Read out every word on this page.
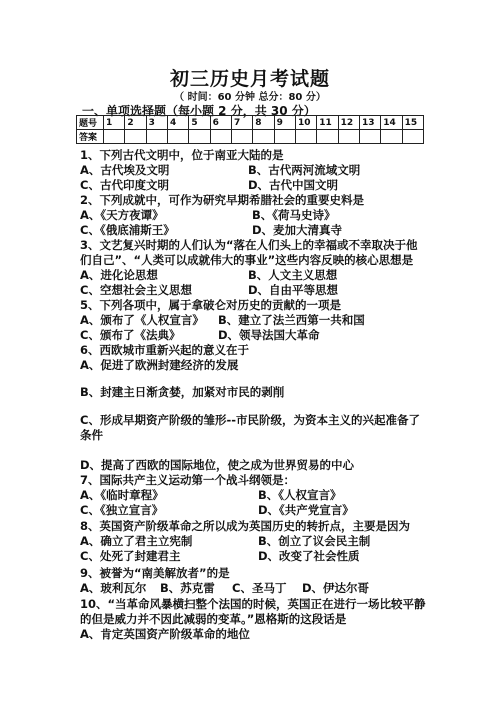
初三历史月考试题
（ 时间：60 分钟 总分：80 分）
一、单项选择题（每小题 2 分，共 30 分）
题号	1	2	3	4	5	6	7	8	9	10	11	12	13	14	15
答案															
1、下列古代文明中，位于南亚大陆的是
A、古代埃及文明	B、古代两河流域文明
C、古代印度文明	D、古代中国文明
2、下列成就中，可作为研究早期希腊社会的重要史料是
A、《天方夜谭》	B、《荷马史诗》
C、《俄底浦斯王》	D、麦加大清真寺
3、文艺复兴时期的人们认为“落在人们头上的幸福或不幸取决于他
们自己”、“人类可以成就伟大的事业”这些内容反映的核心思想是
A、进化论思想	B、人文主义思想
C、空想社会主义思想	D、自由平等思想
5、下列各项中，属于拿破仑对历史的贡献的一项是
A、颁布了《人权宣言》 B、建立了法兰西第一共和国
C、颁布了《法典》	D、领导法国大革命
6、西欧城市重新兴起的意义在于
A、促进了欧洲封建经济的发展
B、封建主日渐贪婪，加紧对市民的剥削
C、形成早期资产阶级的雏形--市民阶级，为资本主义的兴起准备了
条件
D、提高了西欧的国际地位，使之成为世界贸易的中心
7、国际共产主义运动第一个战斗纲领是：
A、《临时章程》	B、《人权宣言》
C、《独立宣言》	D、《共产党宣言》
8、英国资产阶级革命之所以成为英国历史的转折点，主要是因为
A、确立了君主立宪制	B、创立了议会民主制
C、处死了封建君主	D、改变了社会性质
9、被誉为“南美解放者”的是
A、玻利瓦尔 B、苏克雷 C、圣马丁 D、伊达尔哥
10、“当革命风暴横扫整个法国的时候，英国正在进行一场比较平静
的但是威力并不因此减弱的变革。”恩格斯的这段话是
A、肯定英国资产阶级革命的地位
